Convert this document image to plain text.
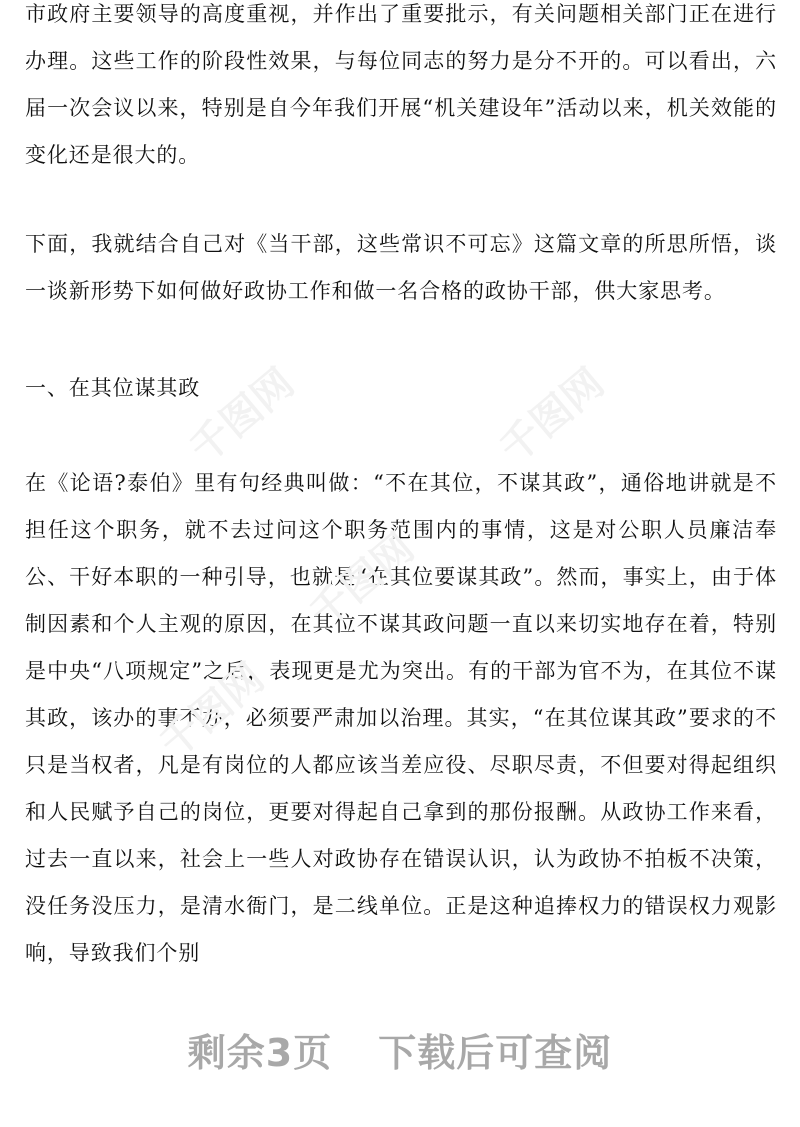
市政府主要领导的高度重视，并作出了重要批示，有关问题相关部门正在进行办理。这些工作的阶段性效果，与每位同志的努力是分不开的。可以看出，六届一次会议以来，特别是自今年我们开展“机关建设年”活动以来，机关效能的变化还是很大的。

下面，我就结合自己对《当干部，这些常识不可忘》这篇文章的所思所悟，谈一谈新形势下如何做好政协工作和做一名合格的政协干部，供大家思考。

一、在其位谋其政

在《论语?泰伯》里有句经典叫做：“不在其位，不谋其政”，通俗地讲就是不担任这个职务，就不去过问这个职务范围内的事情，这是对公职人员廉洁奉公、干好本职的一种引导，也就是“在其位要谋其政”。然而，事实上，由于体制因素和个人主观的原因，在其位不谋其政问题一直以来切实地存在着，特别是中央“八项规定”之后，表现更是尤为突出。有的干部为官不为，在其位不谋其政，该办的事不办，必须要严肃加以治理。其实，“在其位谋其政”要求的不只是当权者，凡是有岗位的人都应该当差应役、尽职尽责，不但要对得起组织和人民赋予自己的岗位，更要对得起自己拿到的那份报酬。从政协工作来看，过去一直以来，社会上一些人对政协存在错误认识，认为政协不拍板不决策，没任务没压力，是清水衙门，是二线单位。正是这种追捧权力的错误权力观影响，导致我们个别

千图网	千图网
千图网
千图网
剩余3页 下载后可查阅
